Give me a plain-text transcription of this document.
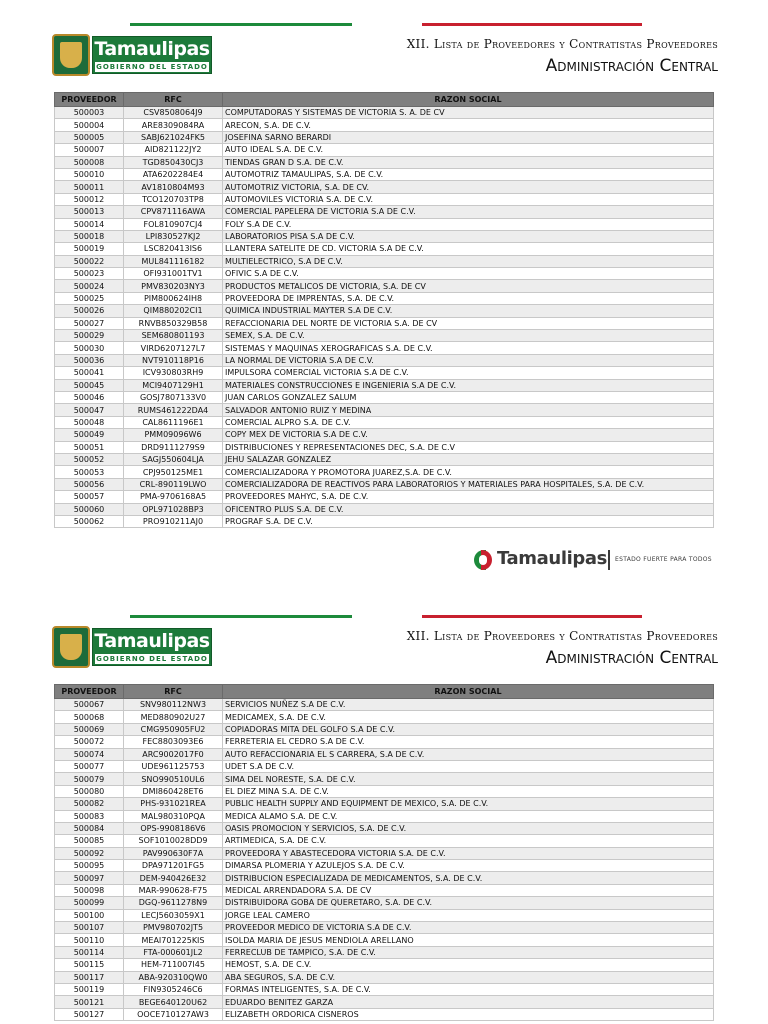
Tamaulipas
GOBIERNO DEL ESTADO
XII. Lista de Proveedores y Contratistas Proveedores
Administración Central
PROVEEDOR	RFC	RAZON SOCIAL
500003	CSV8508064J9	COMPUTADORAS Y SISTEMAS DE VICTORIA S. A. DE CV
500004	ARE8309084RA	ARECON, S.A. DE C.V.
500005	SABJ621024FK5	JOSEFINA SARNO BERARDI
500007	AID821122JY2	AUTO IDEAL S.A. DE C.V.
500008	TGD850430CJ3	TIENDAS GRAN D S.A. DE C.V.
500010	ATA6202284E4	AUTOMOTRIZ TAMAULIPAS, S.A. DE C.V.
500011	AV1810804M93	AUTOMOTRIZ VICTORIA, S.A. DE CV.
500012	TCO120703TP8	AUTOMOVILES VICTORIA S.A. DE C.V.
500013	CPV871116AWA	COMERCIAL PAPELERA DE VICTORIA S.A DE C.V.
500014	FOL810907CJ4	FOLY S.A DE C.V.
500018	LPI830527KJ2	LABORATORIOS PISA S.A DE C.V.
500019	LSC820413IS6	LLANTERA SATELITE DE CD. VICTORIA S.A DE C.V.
500022	MUL841116182	MULTIELECTRICO, S.A DE C.V.
500023	OFI931001TV1	OFIVIC S.A DE C.V.
500024	PMV830203NY3	PRODUCTOS METALICOS DE VICTORIA, S.A. DE CV
500025	PIM800624IH8	PROVEEDORA DE IMPRENTAS, S.A. DE C.V.
500026	QIM880202CI1	QUIMICA INDUSTRIAL MAYTER S.A DE C.V.
500027	RNVB850329B58	REFACCIONARIA DEL NORTE DE VICTORIA S.A. DE CV
500029	SEM680801193	SEMEX, S.A. DE C.V.
500030	VIRD6207127L7	SISTEMAS Y MAQUINAS XEROGRAFICAS S.A. DE C.V.
500036	NVT910118P16	LA NORMAL DE VICTORIA S.A DE C.V.
500041	ICV930803RH9	IMPULSORA COMERCIAL VICTORIA S.A DE C.V.
500045	MCI9407129H1	MATERIALES CONSTRUCCIONES E INGENIERIA S.A DE C.V.
500046	GOSJ7807133V0	JUAN CARLOS GONZALEZ SALUM
500047	RUMS461222DA4	SALVADOR ANTONIO RUIZ Y MEDINA
500048	CAL8611196E1	COMERCIAL ALPRO S.A. DE C.V.
500049	PMM09096W6	COPY MEX DE VICTORIA S.A DE C.V.
500051	DRD9111279S9	DISTRIBUCIONES Y REPRESENTACIONES DEC, S.A. DE C.V
500052	SAGJ550604LJA	JEHU SALAZAR GONZALEZ
500053	CPJ950125ME1	COMERCIALIZADORA Y PROMOTORA JUAREZ,S.A. DE C.V.
500056	CRL-890119LWO	COMERCIALIZADORA DE REACTIVOS PARA LABORATORIOS Y MATERIALES PARA HOSPITALES, S.A. DE C.V.
500057	PMA-9706168A5	PROVEEDORES MAHYC, S.A. DE C.V.
500060	OPL971028BP3	OFICENTRO PLUS S.A. DE C.V.
500062	PRO910211AJ0	PROGRAF S.A. DE C.V.
Tamaulipas ESTADO FUERTE PARA TODOS
Tamaulipas
GOBIERNO DEL ESTADO
XII. Lista de Proveedores y Contratistas Proveedores
Administración Central
PROVEEDOR	RFC	RAZON SOCIAL
500067	SNV980112NW3	SERVICIOS NUÑEZ S.A DE C.V.
500068	MED880902U27	MEDICAMEX, S.A. DE C.V.
500069	CMG950905FU2	COPIADORAS MITA DEL GOLFO S.A DE C.V.
500072	FEC8803093E6	FERRETERIA EL CEDRO S.A DE C.V.
500074	ARC9002017F0	AUTO REFACCIONARIA EL S CARRERA, S.A DE C.V.
500077	UDE961125753	UDET S.A DE C.V.
500079	SNO990510UL6	SIMA DEL NORESTE, S.A. DE C.V.
500080	DMI860428ET6	EL DIEZ MINA S.A. DE C.V.
500082	PHS-931021REA	PUBLIC HEALTH SUPPLY AND EQUIPMENT DE MEXICO, S.A. DE C.V.
500083	MAL980310PQA	MEDICA ALAMO S.A. DE C.V.
500084	OPS-9908186V6	OASIS PROMOCION Y SERVICIOS, S.A. DE C.V.
500085	SOF1010028DD9	ARTIMEDICA, S.A. DE C.V.
500092	PAV990630F7A	PROVEEDORA Y ABASTECEDORA VICTORIA S.A. DE C.V.
500095	DPA971201FG5	DIMARSA PLOMERIA Y AZULEJOS S.A. DE C.V.
500097	DEM-940426E32	DISTRIBUCION ESPECIALIZADA DE MEDICAMENTOS, S.A. DE C.V.
500098	MAR-990628-F75	MEDICAL ARRENDADORA S.A. DE CV
500099	DGQ-9611278N9	DISTRIBUIDORA GOBA DE QUERETARO, S.A. DE C.V.
500100	LECJ5603059X1	JORGE LEAL CAMERO
500107	PMV980702JT5	PROVEEDOR MEDICO DE VICTORIA S.A DE C.V.
500110	MEAI701225KIS	ISOLDA MARIA DE JESUS MENDIOLA ARELLANO
500114	FTA-000601JL2	FERRECLUB DE TAMPICO, S.A. DE C.V.
500115	HEM-711007I45	HEMOST, S.A. DE C.V.
500117	ABA-920310QW0	ABA SEGUROS, S.A. DE C.V.
500119	FIN9305246C6	FORMAS INTELIGENTES, S.A. DE C.V.
500121	BEGE640120U62	EDUARDO BENITEZ GARZA
500127	OOCE710127AW3	ELIZABETH ORDORICA CISNEROS
